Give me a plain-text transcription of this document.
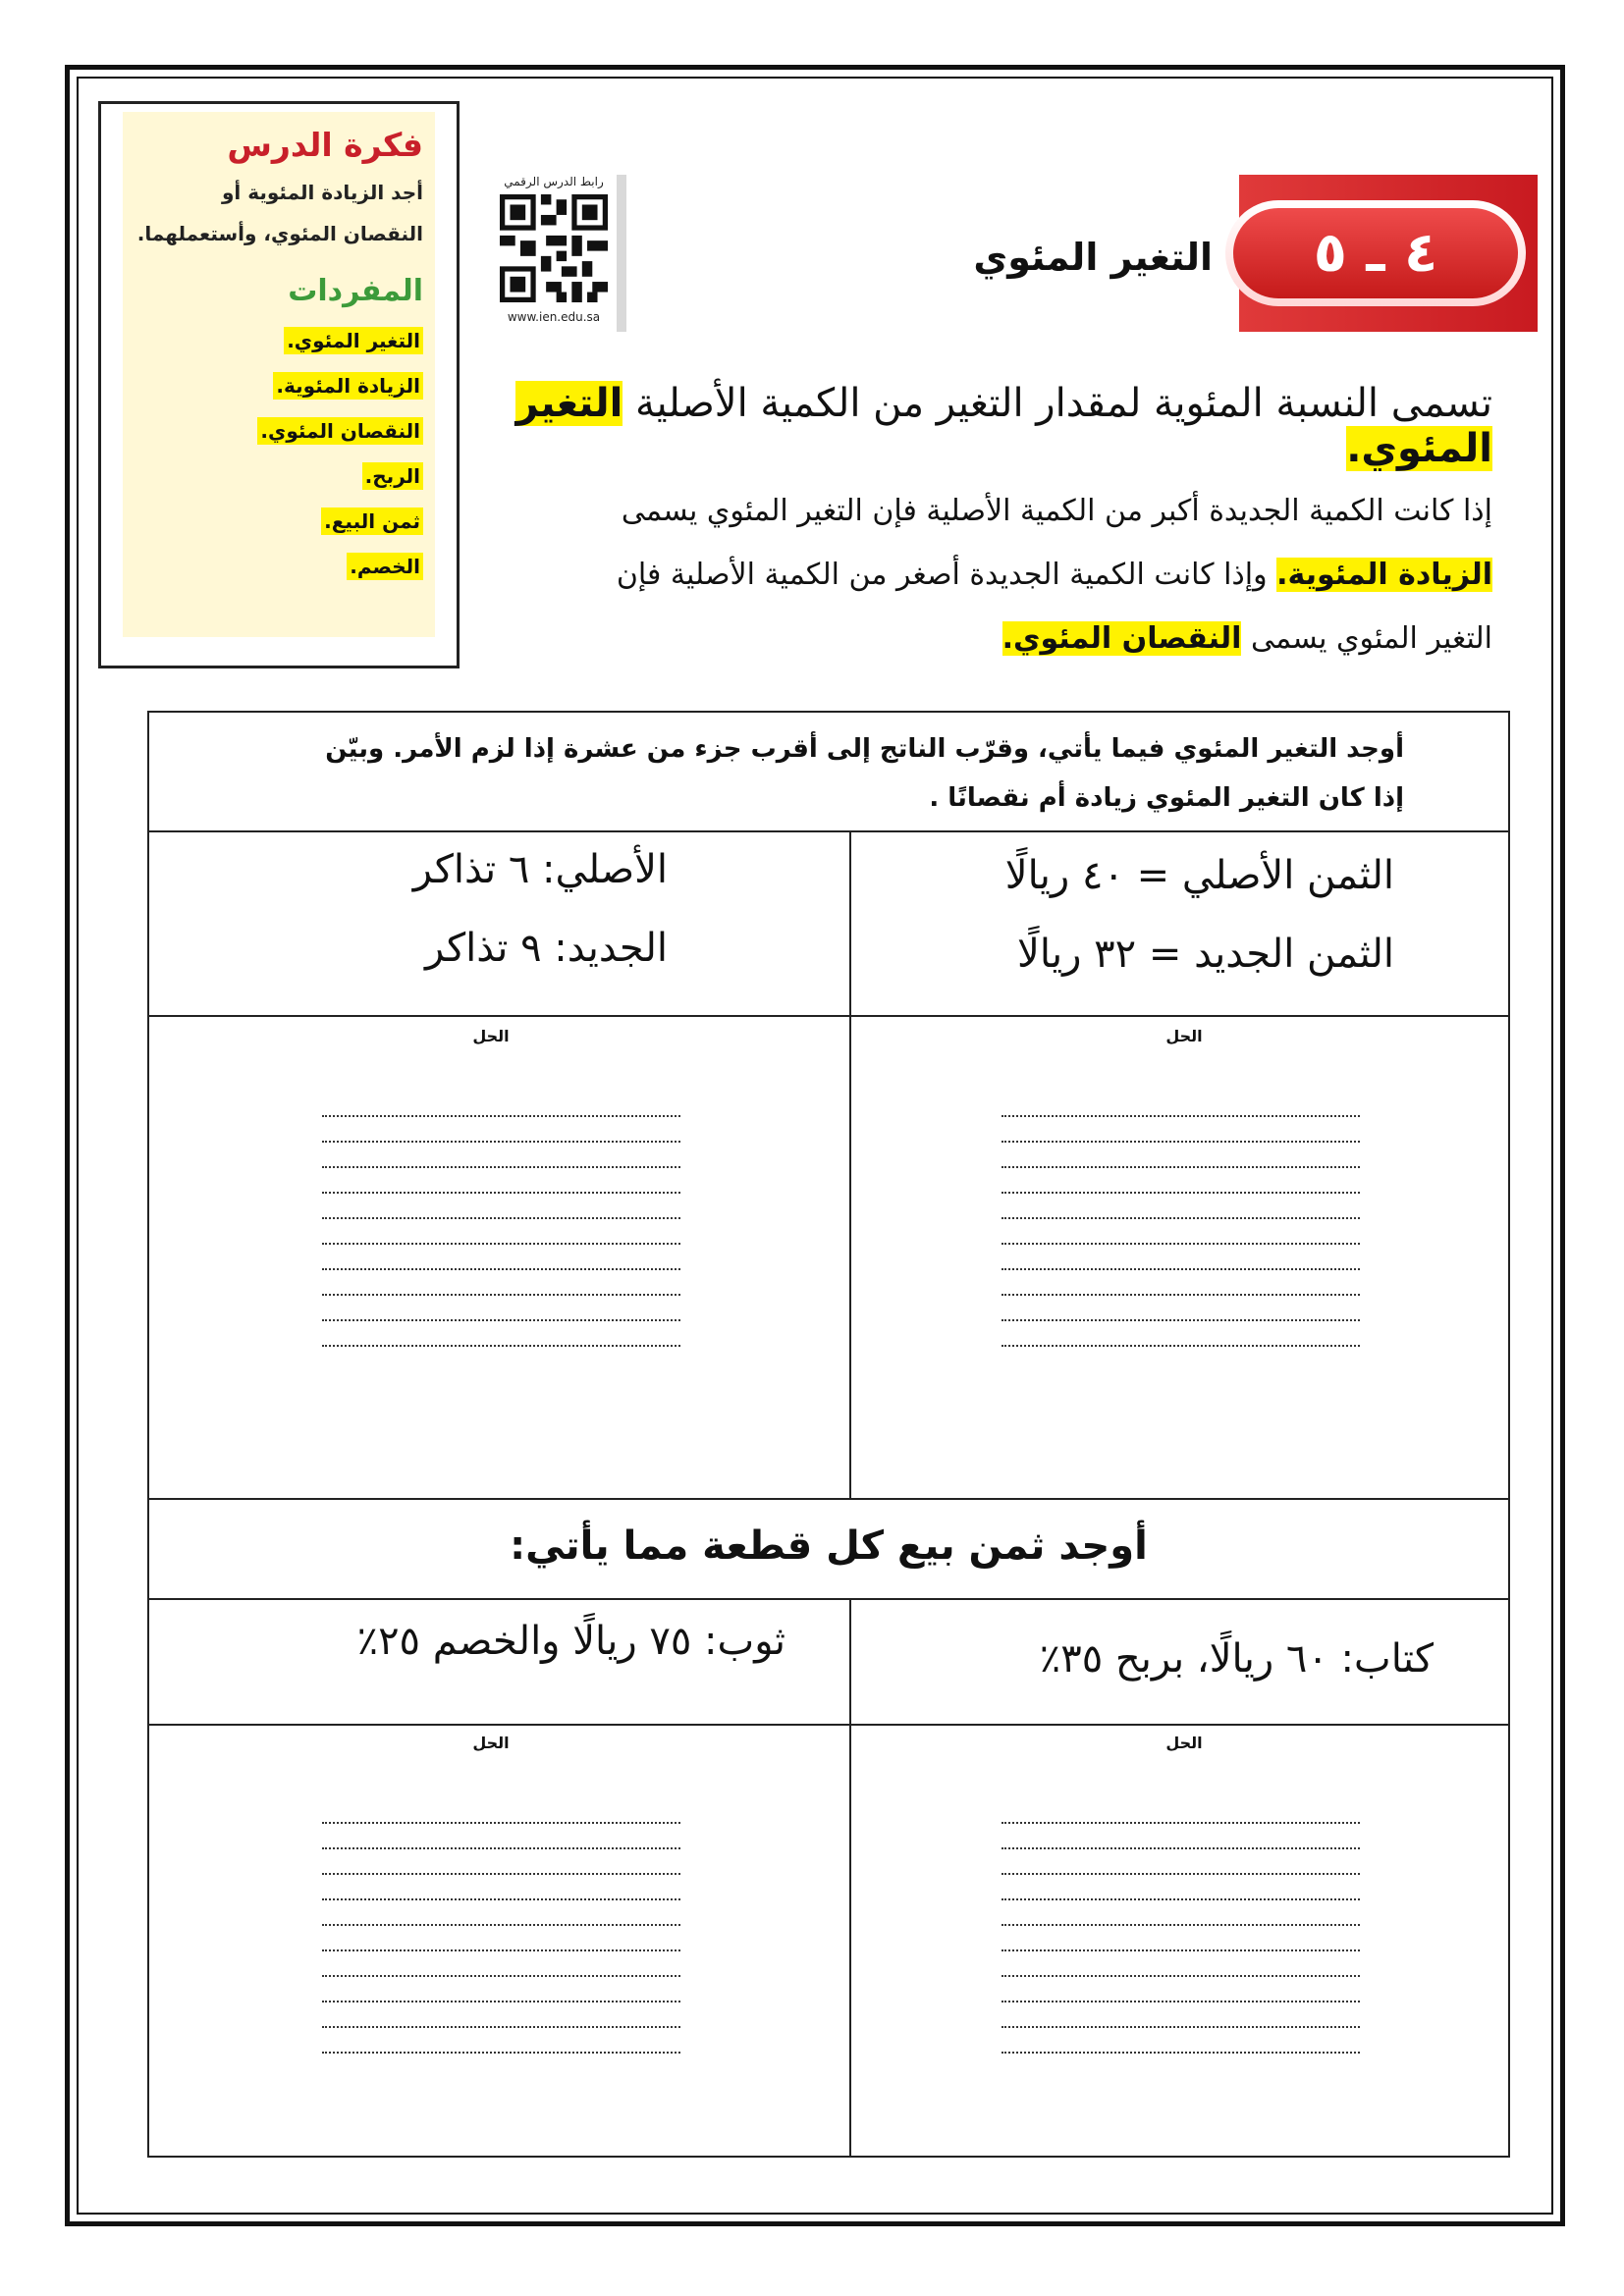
فكرة الدرس
أجد الزيادة المئوية أو
النقصان المئوي، وأستعملهما.
المفردات
التغير المئوي.
الزيادة المئوية.
النقصان المئوي.
الربح.
ثمن البيع.
الخصم.
رابط الدرس الرقمي
www.ien.edu.sa
٤ ـ ٥
التغير المئوي
تسمى النسبة المئوية لمقدار التغير من الكمية الأصلية التغير المئوي.
إذا كانت الكمية الجديدة أكبر من الكمية الأصلية فإن التغير المئوي يسمى الزيادة المئوية. وإذا كانت الكمية الجديدة أصغر من الكمية الأصلية فإن التغير المئوي يسمى النقصان المئوي.
أوجد التغير المئوي فيما يأتي، وقرّب الناتج إلى أقرب جزء من عشرة إذا لزم الأمر. وبيّن إذا كان التغير المئوي زيادة أم نقصانًا .
الثمن الأصلي = ٤٠ ريالًا
الثمن الجديد = ٣٢ ريالًا
الأصلي: ٦ تذاكر
الجديد: ٩ تذاكر
الحل
الحل
أوجد ثمن بيع كل قطعة مما يأتي:
كتاب: ٦٠ ريالًا، بربح ٣٥٪
ثوب: ٧٥ ريالًا والخصم ٢٥٪
الحل
الحل
